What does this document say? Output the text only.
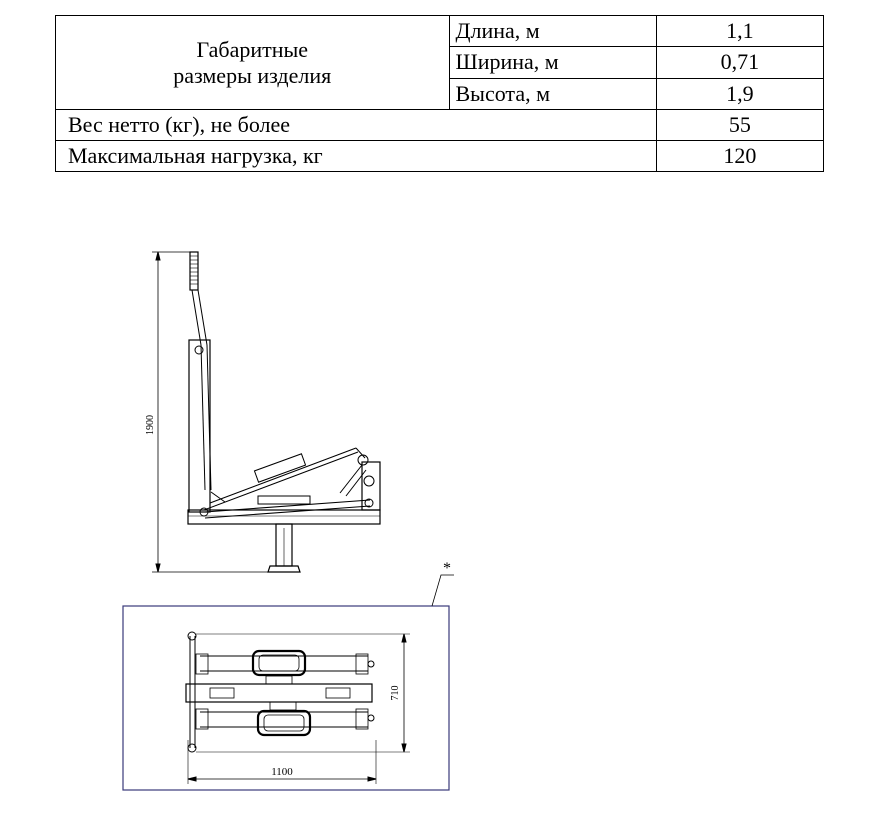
Габаритные
размеры изделия	Длина, м	1,1
	Ширина, м	0,71
	Высота, м	1,9
Вес нетто (кг), не более		55
Максимальная нагрузка, кг		120
1900
710
1100
*
